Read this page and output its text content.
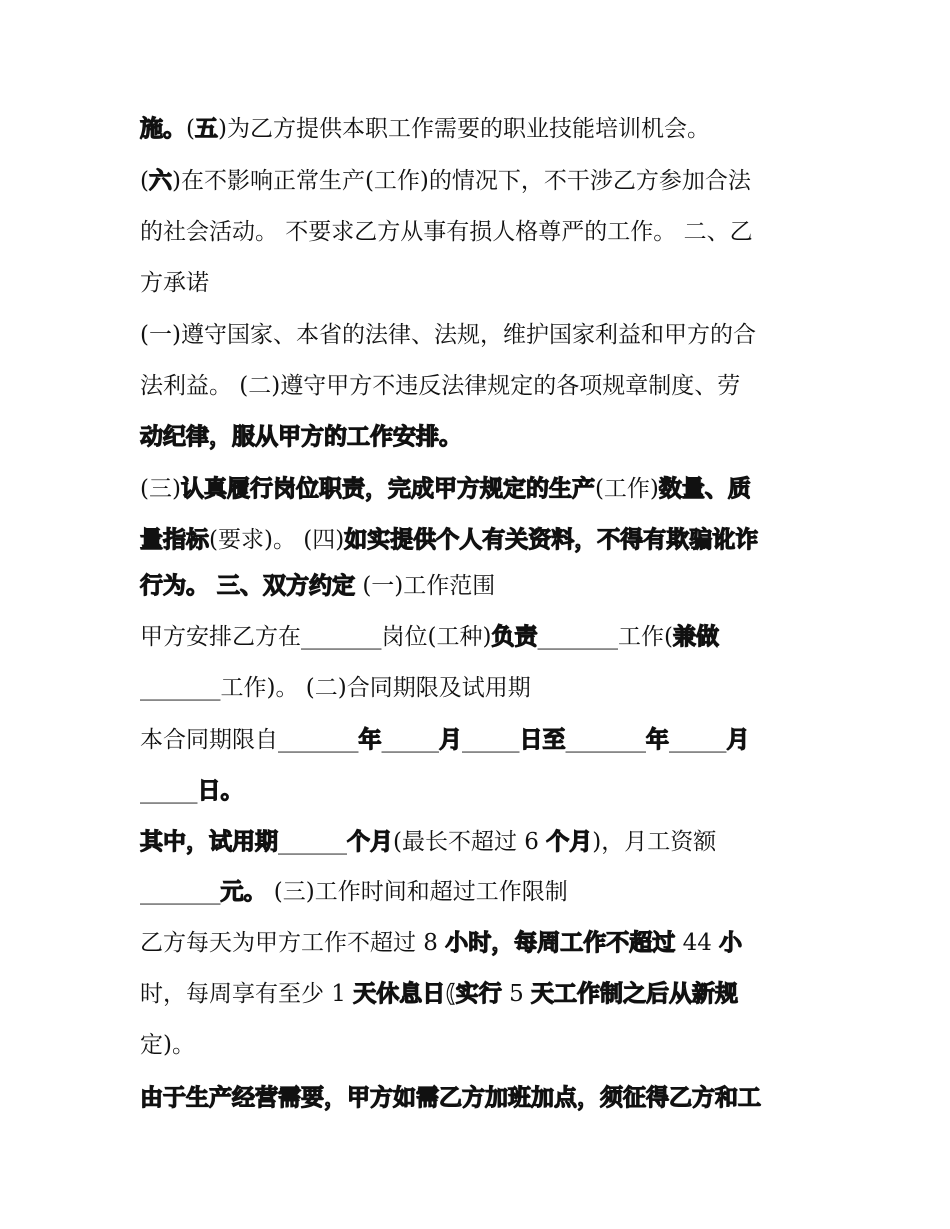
施。(五)为乙方提供本职工作需要的职业技能培训机会。
(六)在不影响正常生产(工作)的情况下，不干涉乙方参加合法
的社会活动。 不要求乙方从事有损人格尊严的工作。 二、乙
方承诺
(一)遵守国家、本省的法律、法规，维护国家利益和甲方的合
法利益。 (二)遵守甲方不违反法律规定的各项规章制度、劳
动纪律，服从甲方的工作安排。
(三)认真履行岗位职责，完成甲方规定的生产(工作)数量、质
量指标(要求)。 (四)如实提供个人有关资料，不得有欺骗讹诈
行为。 三、双方约定 (一)工作范围
甲方安排乙方在_______岗位(工种)负责_______工作(兼做
_______工作)。 (二)合同期限及试用期
本合同期限自_______年_____月_____日至_______年_____月
_____日。
其中，试用期______个月(最长不超过 6 个月)，月工资额
_______元。 (三)工作时间和超过工作限制
乙方每天为甲方工作不超过 8 小时，每周工作不超过 44 小
时，每周享有至少 1 天休息日(实行 5 天工作制之后从新规
定)。
由于生产经营需要，甲方如需乙方加班加点，须征得乙方和工
